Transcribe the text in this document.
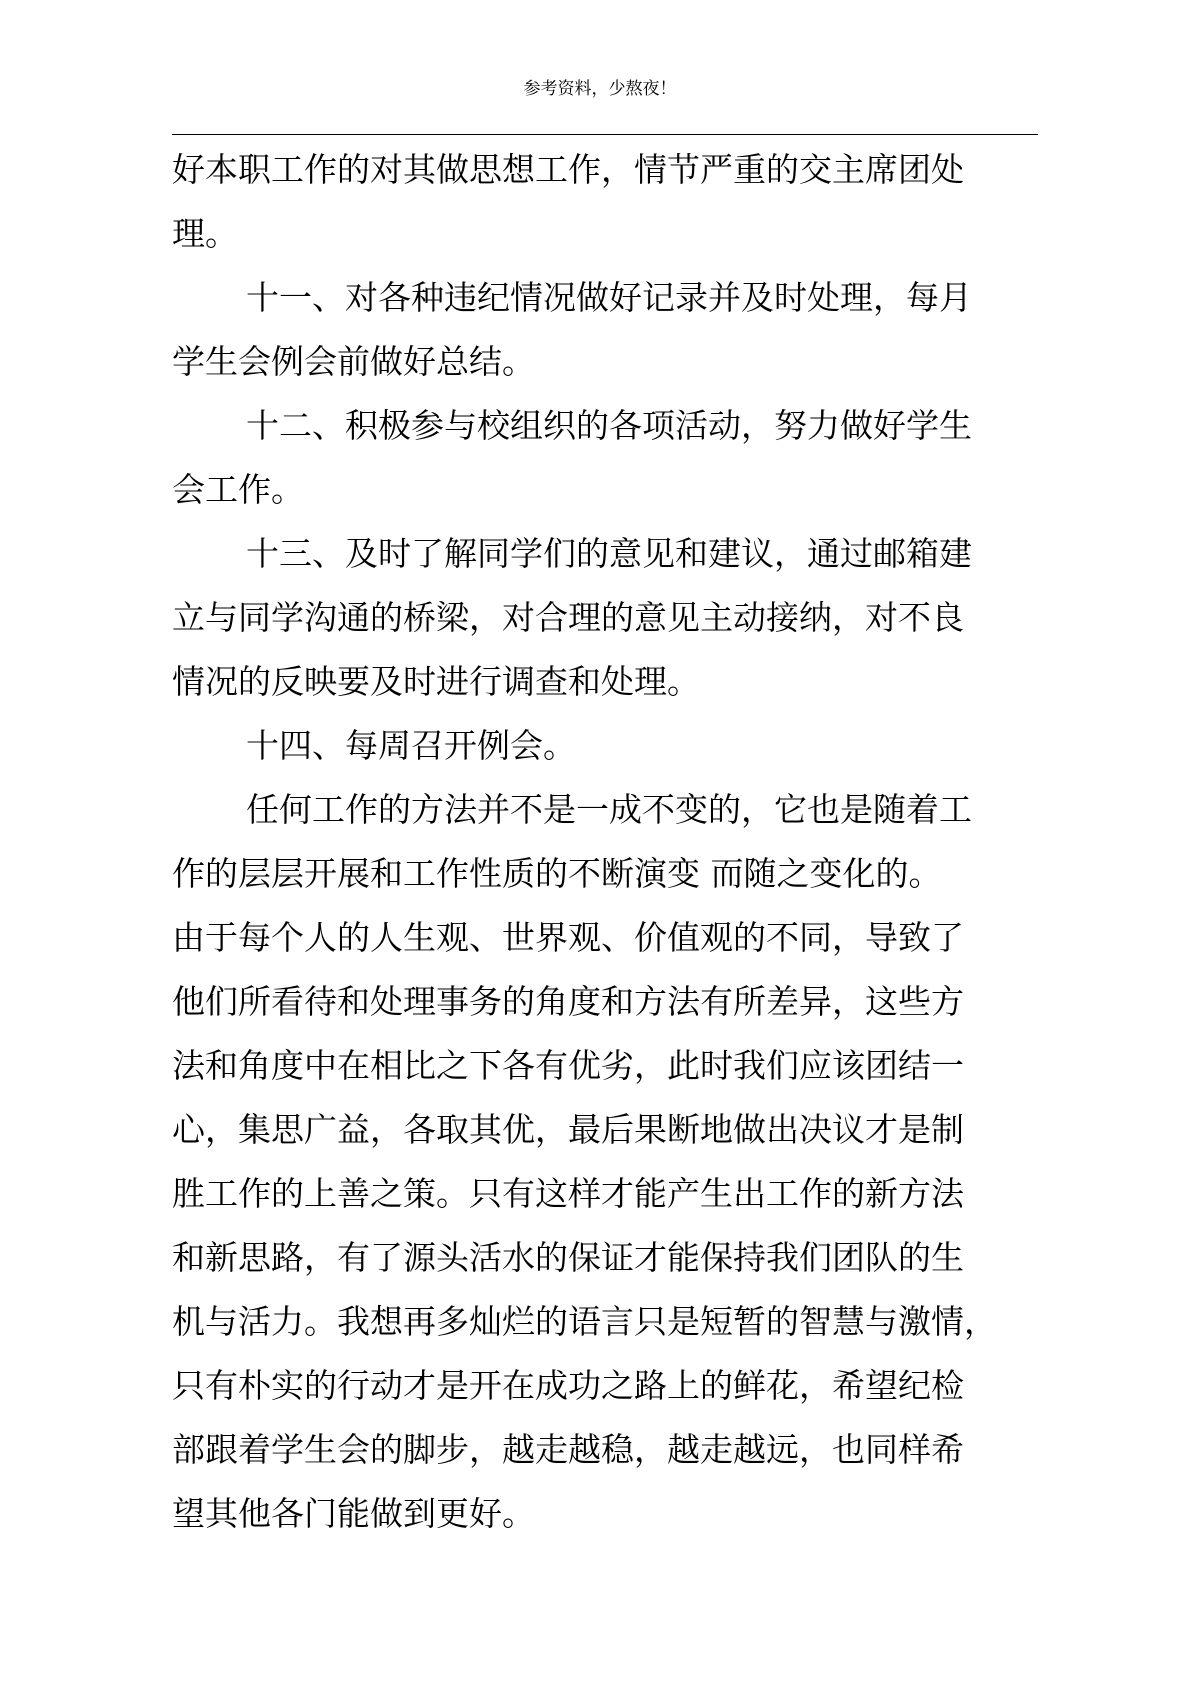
参考资料，少熬夜！
好本职工作的对其做思想工作，情节严重的交主席团处
理。
十一、对各种违纪情况做好记录并及时处理，每月
学生会例会前做好总结。
十二、积极参与校组织的各项活动，努力做好学生
会工作。
十三、及时了解同学们的意见和建议，通过邮箱建
立与同学沟通的桥梁，对合理的意见主动接纳，对不良
情况的反映要及时进行调查和处理。
十四、每周召开例会。
任何工作的方法并不是一成不变的，它也是随着工
作的层层开展和工作性质的不断演变 而随之变化的。
由于每个人的人生观、世界观、价值观的不同，导致了
他们所看待和处理事务的角度和方法有所差异，这些方
法和角度中在相比之下各有优劣，此时我们应该团结一
心，集思广益，各取其优，最后果断地做出决议才是制
胜工作的上善之策。只有这样才能产生出工作的新方法
和新思路，有了源头活水的保证才能保持我们团队的生
机与活力。我想再多灿烂的语言只是短暂的智慧与激情，
只有朴实的行动才是开在成功之路上的鲜花，希望纪检
部跟着学生会的脚步，越走越稳，越走越远，也同样希
望其他各门能做到更好。
